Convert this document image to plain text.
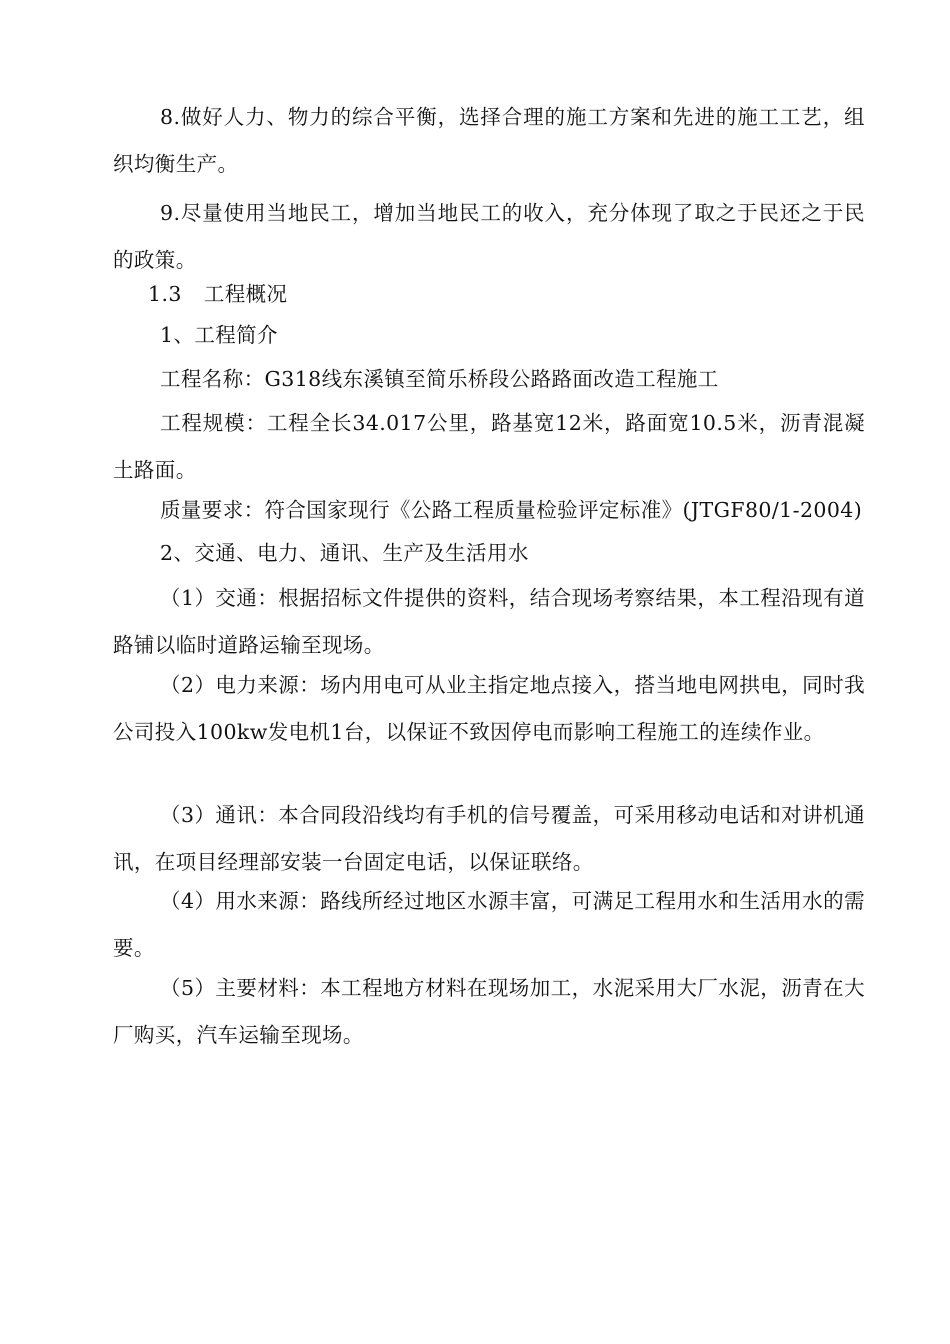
8.做好人力、物力的综合平衡，选择合理的施工方案和先进的施工工艺，组织均衡生产。

9.尽量使用当地民工，增加当地民工的收入，充分体现了取之于民还之于民的政策。

1.3 工程概况

1、工程简介

工程名称：G318线东溪镇至简乐桥段公路路面改造工程施工

工程规模：工程全长34.017公里，路基宽12米，路面宽10.5米，沥青混凝土路面。

质量要求：符合国家现行《公路工程质量检验评定标准》(JTGF80/1-2004)

2、交通、电力、通讯、生产及生活用水

（1）交通：根据招标文件提供的资料，结合现场考察结果，本工程沿现有道路铺以临时道路运输至现场。

（2）电力来源：场内用电可从业主指定地点接入，搭当地电网拱电，同时我公司投入100kw发电机1台，以保证不致因停电而影响工程施工的连续作业。

（3）通讯：本合同段沿线均有手机的信号覆盖，可采用移动电话和对讲机通讯，在项目经理部安装一台固定电话，以保证联络。

（4）用水来源：路线所经过地区水源丰富，可满足工程用水和生活用水的需要。

（5）主要材料：本工程地方材料在现场加工，水泥采用大厂水泥，沥青在大厂购买，汽车运输至现场。
